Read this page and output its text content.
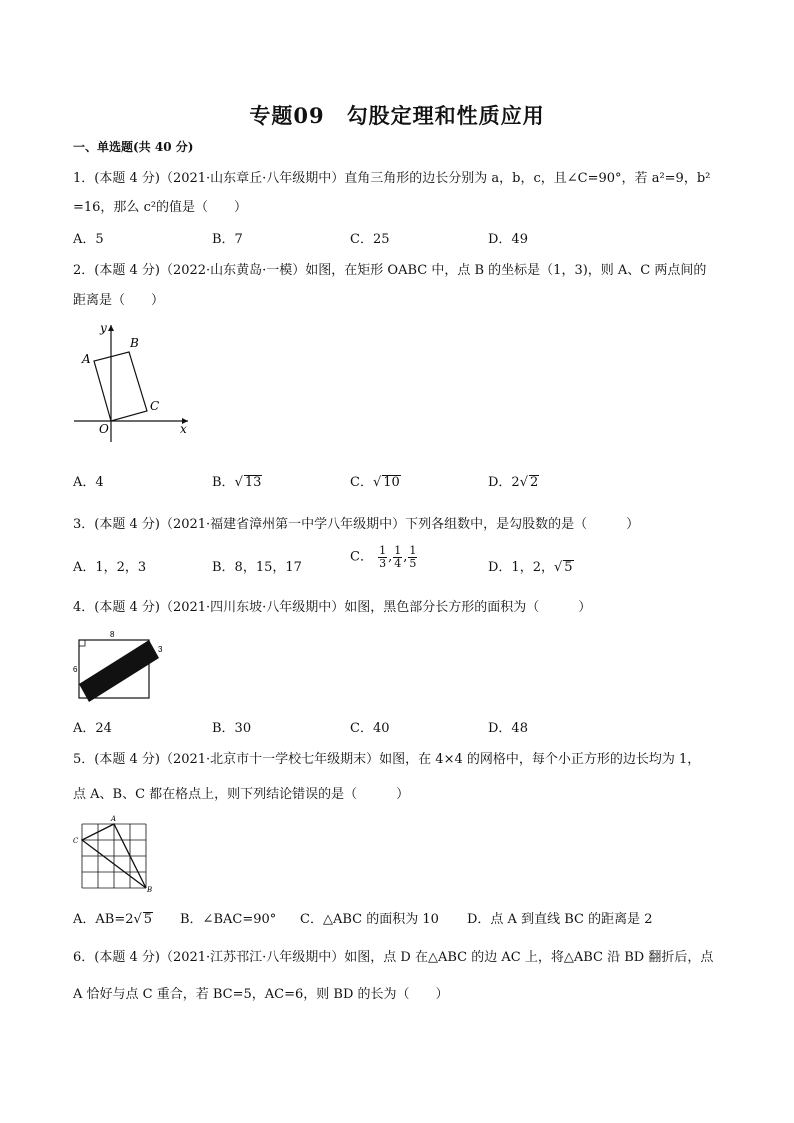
专题09　勾股定理和性质应用
一、单选题(共 40 分)
1．(本题 4 分)（2021·山东章丘·八年级期中）直角三角形的边长分别为 a，b，c，且∠C=90°，若 a²=9，b²
=16，那么 c²的值是（　　）
A．5	B．7	C．25	D．49
2．(本题 4 分)（2022·山东黄岛·一模）如图，在矩形 OABC 中，点 B 的坐标是（1，3)，则 A、C 两点间的
距离是（　　）
y
x
A
B
C
O
A．4	B．√ 13	C．√ 10	D．2√ 2
3．(本题 4 分)（2021·福建省漳州第一中学八年级期中）下列各组数中，是勾股数的是（　　　）
A．1，2，3	B．8，15，17
C． $\frac{1}{3}$ , $\frac{1}{4}$ , $\frac{1}{5}$	D．1，2，√ 5
4．(本题 4 分)（2021·四川东坡·八年级期中）如图，黑色部分长方形的面积为（　　　）
8
6
3
A．24	B．30	C．40	D．48
5．(本题 4 分)（2021·北京市十一学校七年级期末）如图，在 4×4 的网格中，每个小正方形的边长均为 1，
点 A、B、C 都在格点上，则下列结论错误的是（　　　）
A
B
C
A．AB=2√ 5 B．∠BAC=90° C．△ABC 的面积为 10 D．点 A 到直线 BC 的距离是 2
6．(本题 4 分)（2021·江苏邗江·八年级期中）如图，点 D 在△ABC 的边 AC 上，将△ABC 沿 BD 翻折后，点
A 恰好与点 C 重合，若 BC=5，AC=6，则 BD 的长为（　　）
